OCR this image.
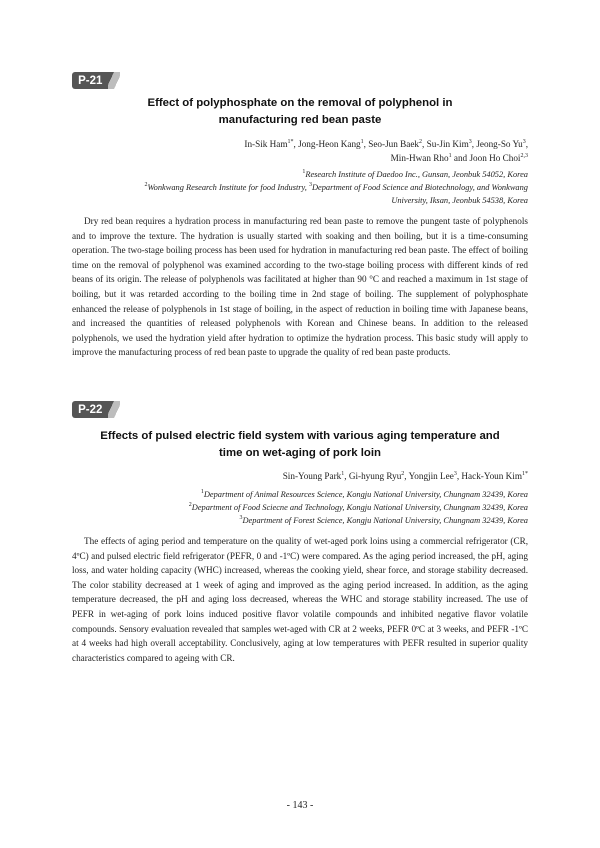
P-21
Effect of polyphosphate on the removal of polyphenol in
manufacturing red bean paste
In-Sik Ham$^{1*}$, Jong-Heon Kang$^1$, Seo-Jun Baek$^2$, Su-Jin Kim$^3$, Jeong-So Yu$^3$,
Min-Hwan Rho$^1$ and Joon Ho Choi$^{2,3}$
$^1$Research Institute of Daedoo Inc., Gunsan, Jeonbuk 54052, Korea
$^2$Wonkwang Research Institute for food Industry, $^3$Department of Food Science and Biotechnology, and Wonkwang
University, Iksan, Jeonbuk 54538, Korea

Dry red bean requires a hydration process in manufacturing red bean paste to remove the pungent taste of polyphenols and to improve the texture. The hydration is usually started with soaking and then boiling, but it is a time-consuming operation. The two-stage boiling process has been used for hydration in manufacturing red bean paste. The effect of boiling time on the removal of polyphenol was examined according to the two-stage boiling process with different kinds of red beans of its origin. The release of polyphenols was facilitated at higher than 90 °C and reached a maximum in 1st stage of boiling, but it was retarded according to the boiling time in 2nd stage of boiling. The supplement of polyphosphate enhanced the release of polyphenols in 1st stage of boiling, in the aspect of reduction in boiling time with Japanese beans, and increased the quantities of released polyphenols with Korean and Chinese beans. In addition to the released polyphenols, we used the hydration yield after hydration to optimize the hydration process. This basic study will apply to improve the manufacturing process of red bean paste to upgrade the quality of red bean paste products.

P-22
Effects of pulsed electric field system with various aging temperature and
time on wet-aging of pork loin
Sin-Young Park$^1$, Gi-hyung Ryu$^2$, Yongjin Lee$^3$, Hack-Youn Kim$^{1*}$
$^1$Department of Animal Resources Science, Kongju National University, Chungnam 32439, Korea
$^2$Department of Food Sciecne and Technology, Kongju National University, Chungnam 32439, Korea
$^3$Department of Forest Science, Kongju National University, Chungnam 32439, Korea

The effects of aging period and temperature on the quality of wet-aged pork loins using a commercial refrigerator (CR, 4ºC) and pulsed electric field refrigerator (PEFR, 0 and -1ºC) were compared. As the aging period increased, the pH, aging loss, and water holding capacity (WHC) increased, whereas the cooking yield, shear force, and storage stability decreased. The color stability decreased at 1 week of aging and improved as the aging period increased. In addition, as the aging temperature decreased, the pH and aging loss decreased, whereas the WHC and storage stability increased. The use of PEFR in wet-aging of pork loins induced positive flavor volatile compounds and inhibited negative flavor volatile compounds. Sensory evaluation revealed that samples wet-aged with CR at 2 weeks, PEFR 0ºC at 3 weeks, and PEFR -1ºC at 4 weeks had high overall acceptability. Conclusively, aging at low temperatures with PEFR resulted in superior quality characteristics compared to ageing with CR.

- 143 -
